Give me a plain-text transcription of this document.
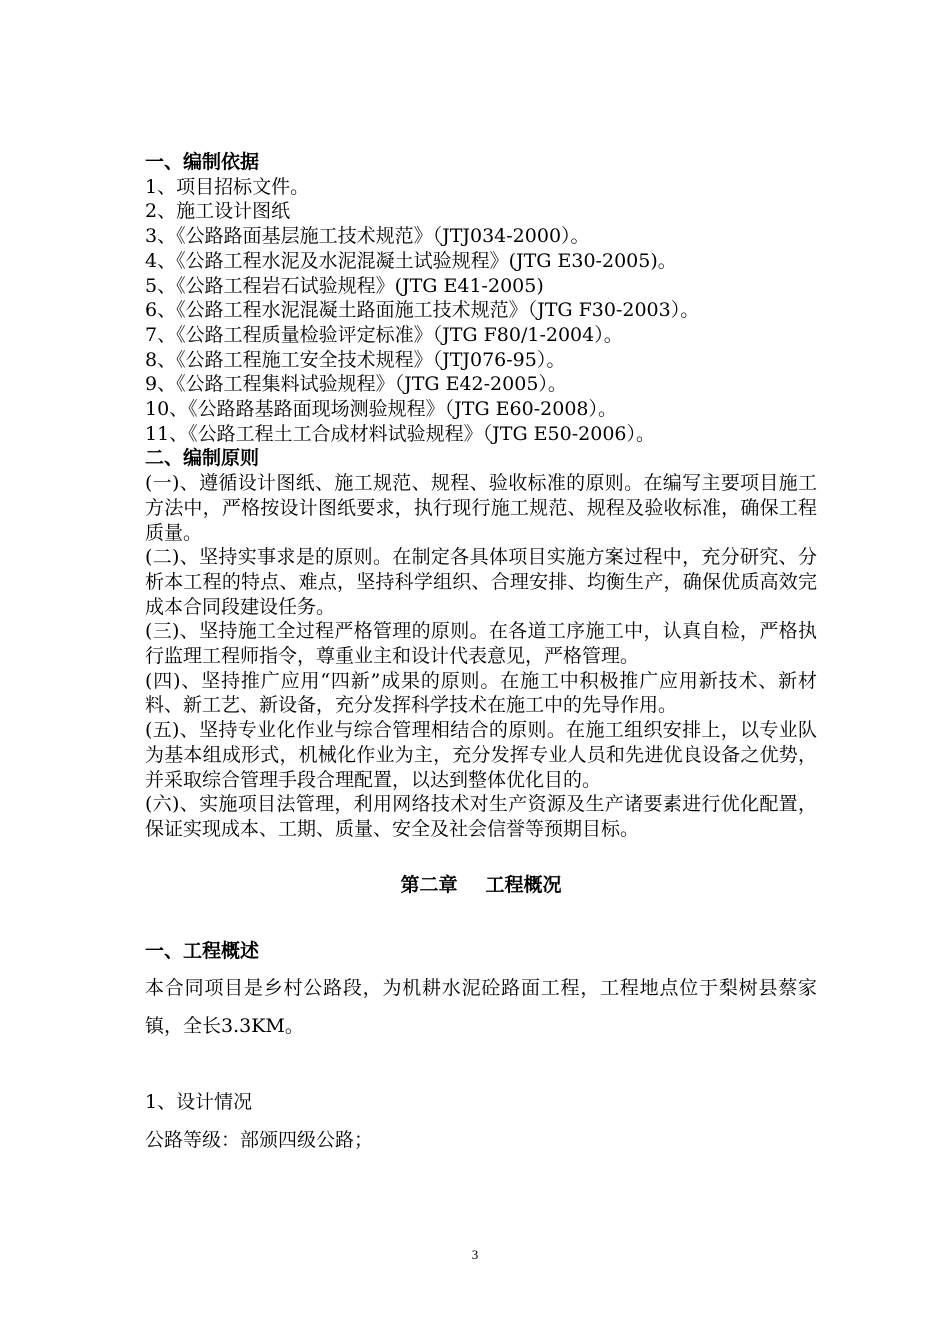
一、编制依据

1、项目招标文件。

2、施工设计图纸

3、《公路路面基层施工技术规范》（JTJ034-2000）。

4、《公路工程水泥及水泥混凝土试验规程》(JTG E30-2005)。

5、《公路工程岩石试验规程》(JTG E41-2005)

6、《公路工程水泥混凝土路面施工技术规范》（JTG F30-2003）。

7、《公路工程质量检验评定标准》（JTG F80/1-2004）。

8、《公路工程施工安全技术规程》（JTJ076-95）。

9、《公路工程集料试验规程》（JTG E42-2005）。

10、《公路路基路面现场测验规程》（JTG E60-2008）。

11、《公路工程土工合成材料试验规程》（JTG E50-2006）。

二、编制原则

(一)、遵循设计图纸、施工规范、规程、验收标准的原则。在编写主要项目施工方法中，严格按设计图纸要求，执行现行施工规范、规程及验收标准，确保工程质量。

(二)、坚持实事求是的原则。在制定各具体项目实施方案过程中，充分研究、分析本工程的特点、难点，坚持科学组织、合理安排、均衡生产，确保优质高效完成本合同段建设任务。

(三)、坚持施工全过程严格管理的原则。在各道工序施工中，认真自检，严格执行监理工程师指令，尊重业主和设计代表意见，严格管理。

(四)、坚持推广应用“四新”成果的原则。在施工中积极推广应用新技术、新材料、新工艺、新设备，充分发挥科学技术在施工中的先导作用。

(五)、坚持专业化作业与综合管理相结合的原则。在施工组织安排上，以专业队为基本组成形式，机械化作业为主，充分发挥专业人员和先进优良设备之优势，并采取综合管理手段合理配置，以达到整体优化目的。

(六)、实施项目法管理，利用网络技术对生产资源及生产诸要素进行优化配置，保证实现成本、工期、质量、安全及社会信誉等预期目标。

第二章 工程概况

一、工程概述

本合同项目是乡村公路段，为机耕水泥砼路面工程，工程地点位于梨树县蔡家镇，全长3.3KM。

1、设计情况

公路等级：部颁四级公路；

3
